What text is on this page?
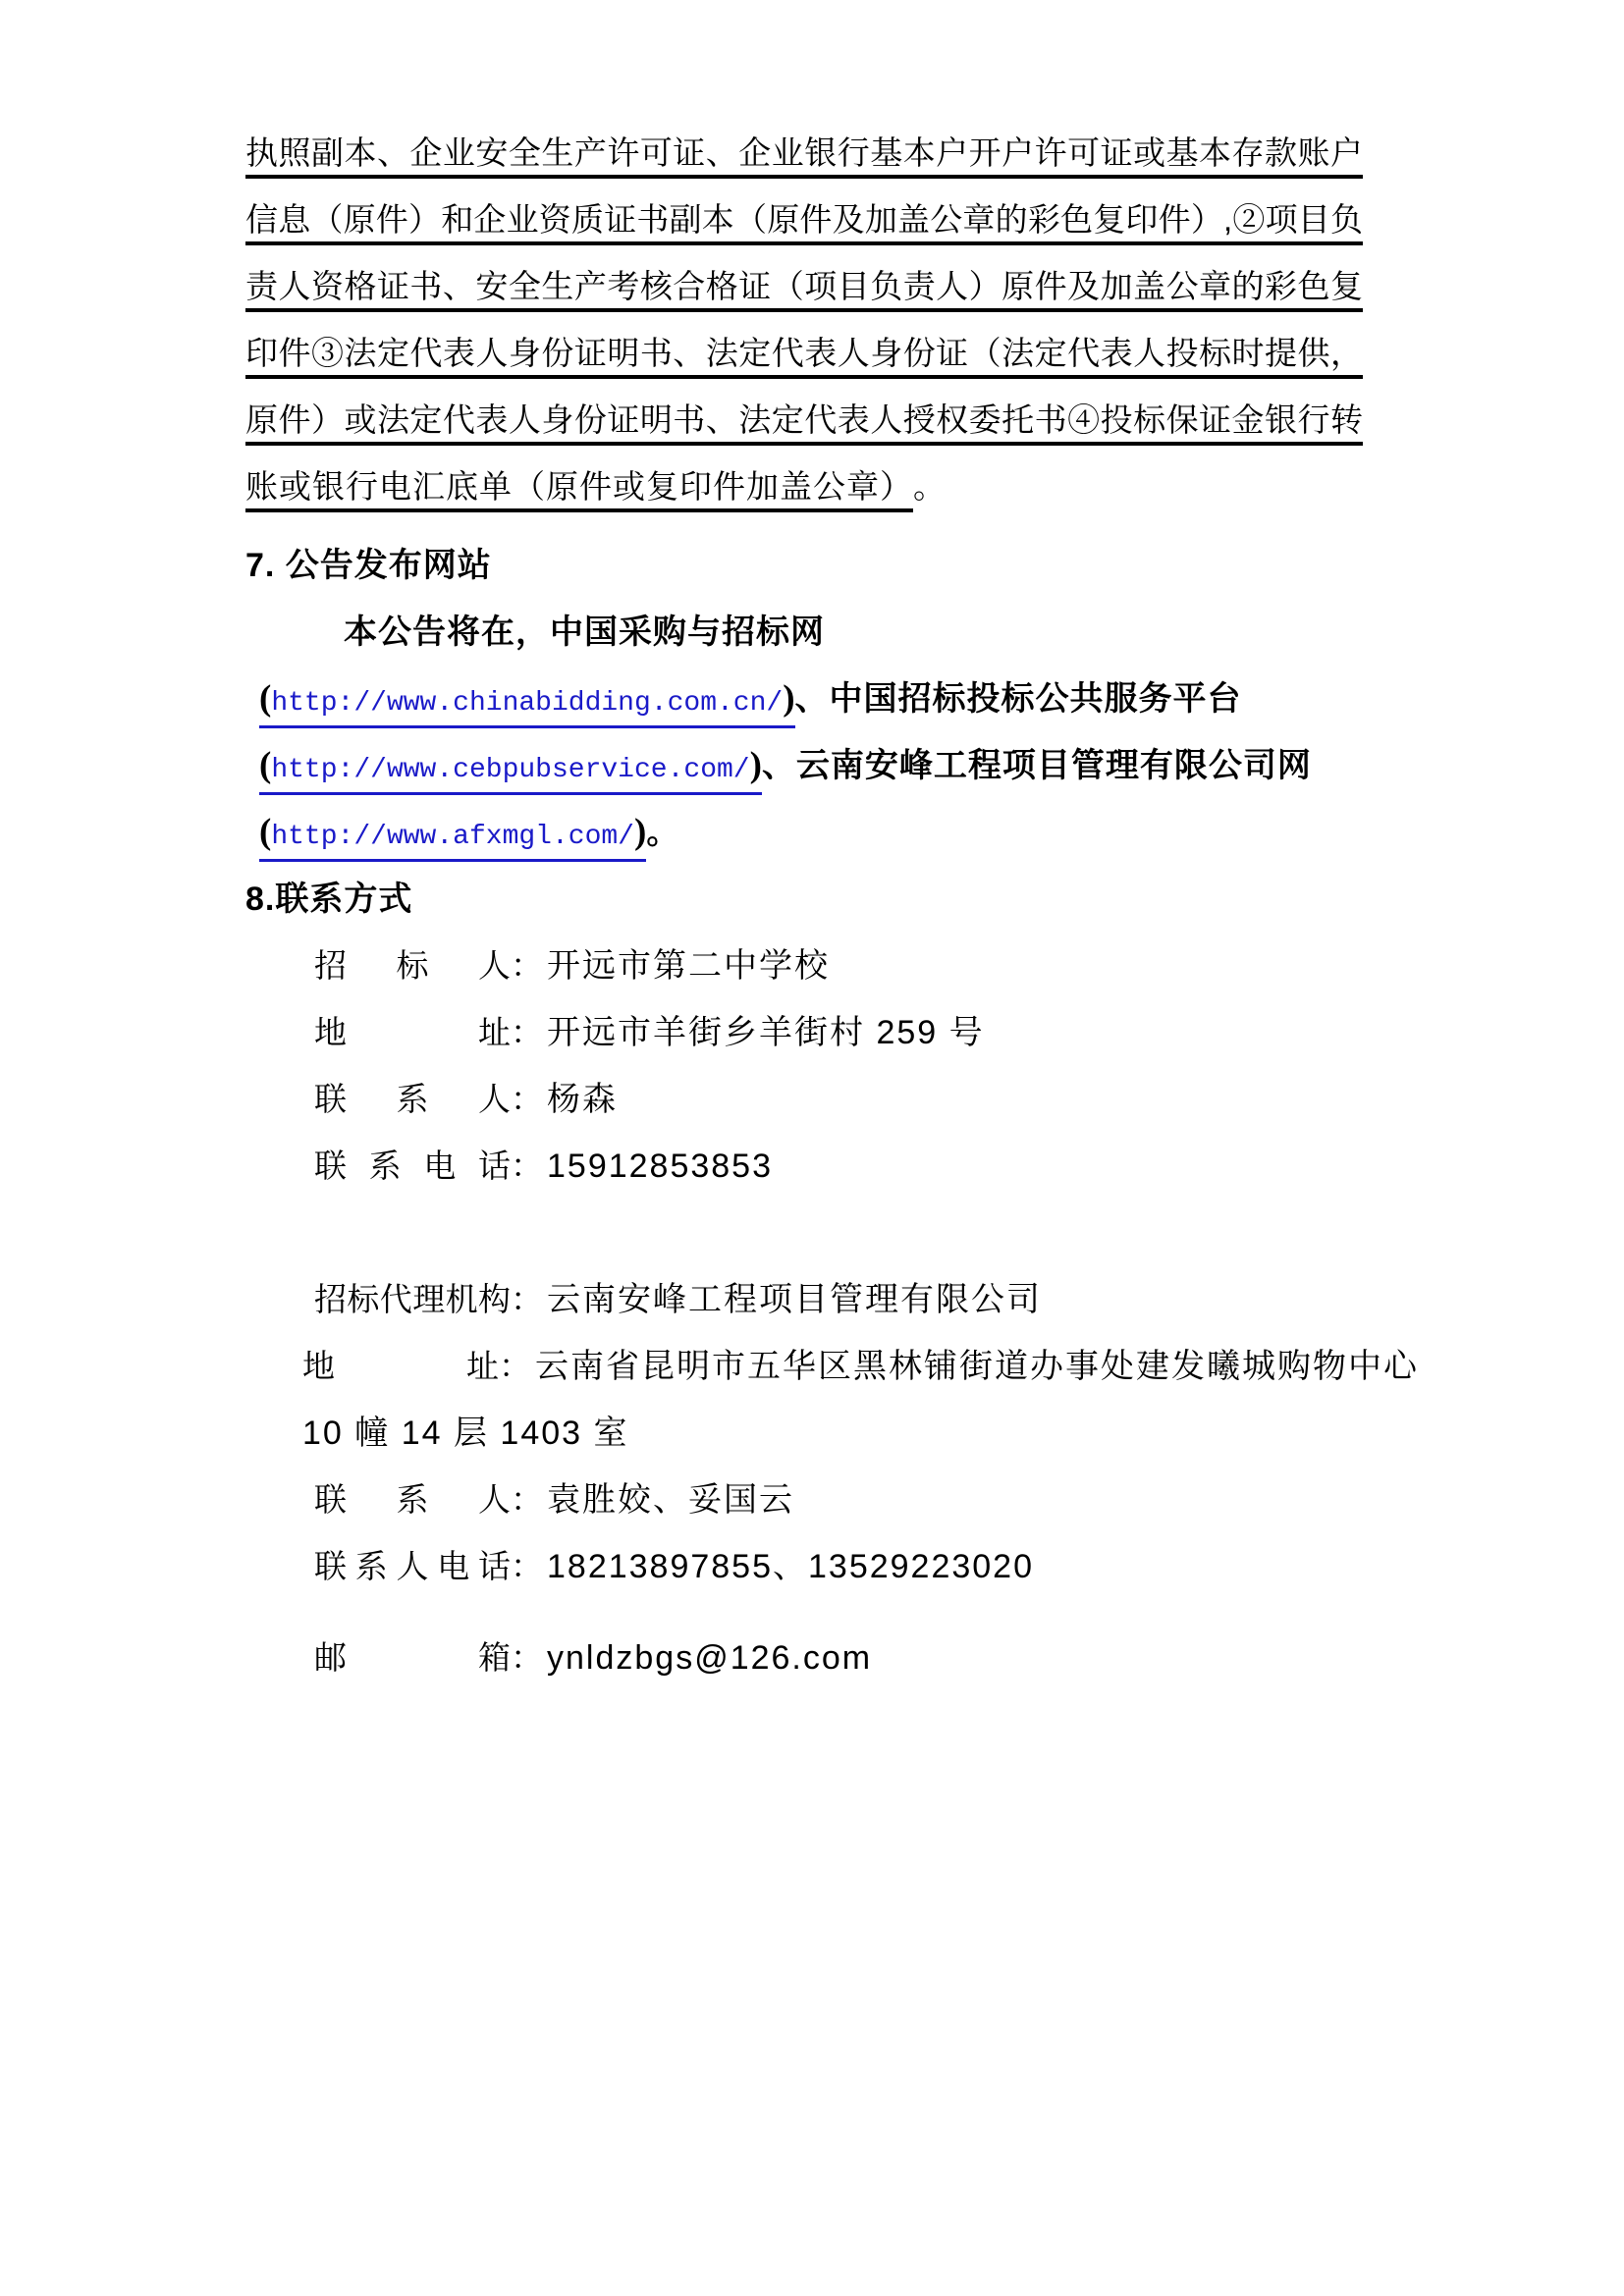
执照副本、企业安全生产许可证、企业银行基本户开户许可证或基本存款账户
信息（原件）和企业资质证书副本（原件及加盖公章的彩色复印件）,②项目负
责人资格证书、安全生产考核合格证（项目负责人）原件及加盖公章的彩色复
印件③法定代表人身份证明书、法定代表人身份证（法定代表人投标时提供，
原件）或法定代表人身份证明书、法定代表人授权委托书④投标保证金银行转
账或银行电汇底单（原件或复印件加盖公章）。
7. 公告发布网站
本公告将在，中国采购与招标网
(http://www.chinabidding.com.cn/)、中国招标投标公共服务平台
(http://www.cebpubservice.com/)、云南安峰工程项目管理有限公司网
(http://www.afxmgl.com/)。
8.联系方式
招标人： 开远市第二中学校
地址： 开远市羊街乡羊街村 259 号
联系人： 杨森
联系电话： 15912853853
招标代理机构： 云南安峰工程项目管理有限公司
地址： 云南省昆明市五华区黑林铺街道办事处建发曦城购物中心
10 幢 14 层 1403 室
联系人： 袁胜姣、妥国云
联系人电话： 18213897855、13529223020
邮箱： ynldzbgs@126.com
